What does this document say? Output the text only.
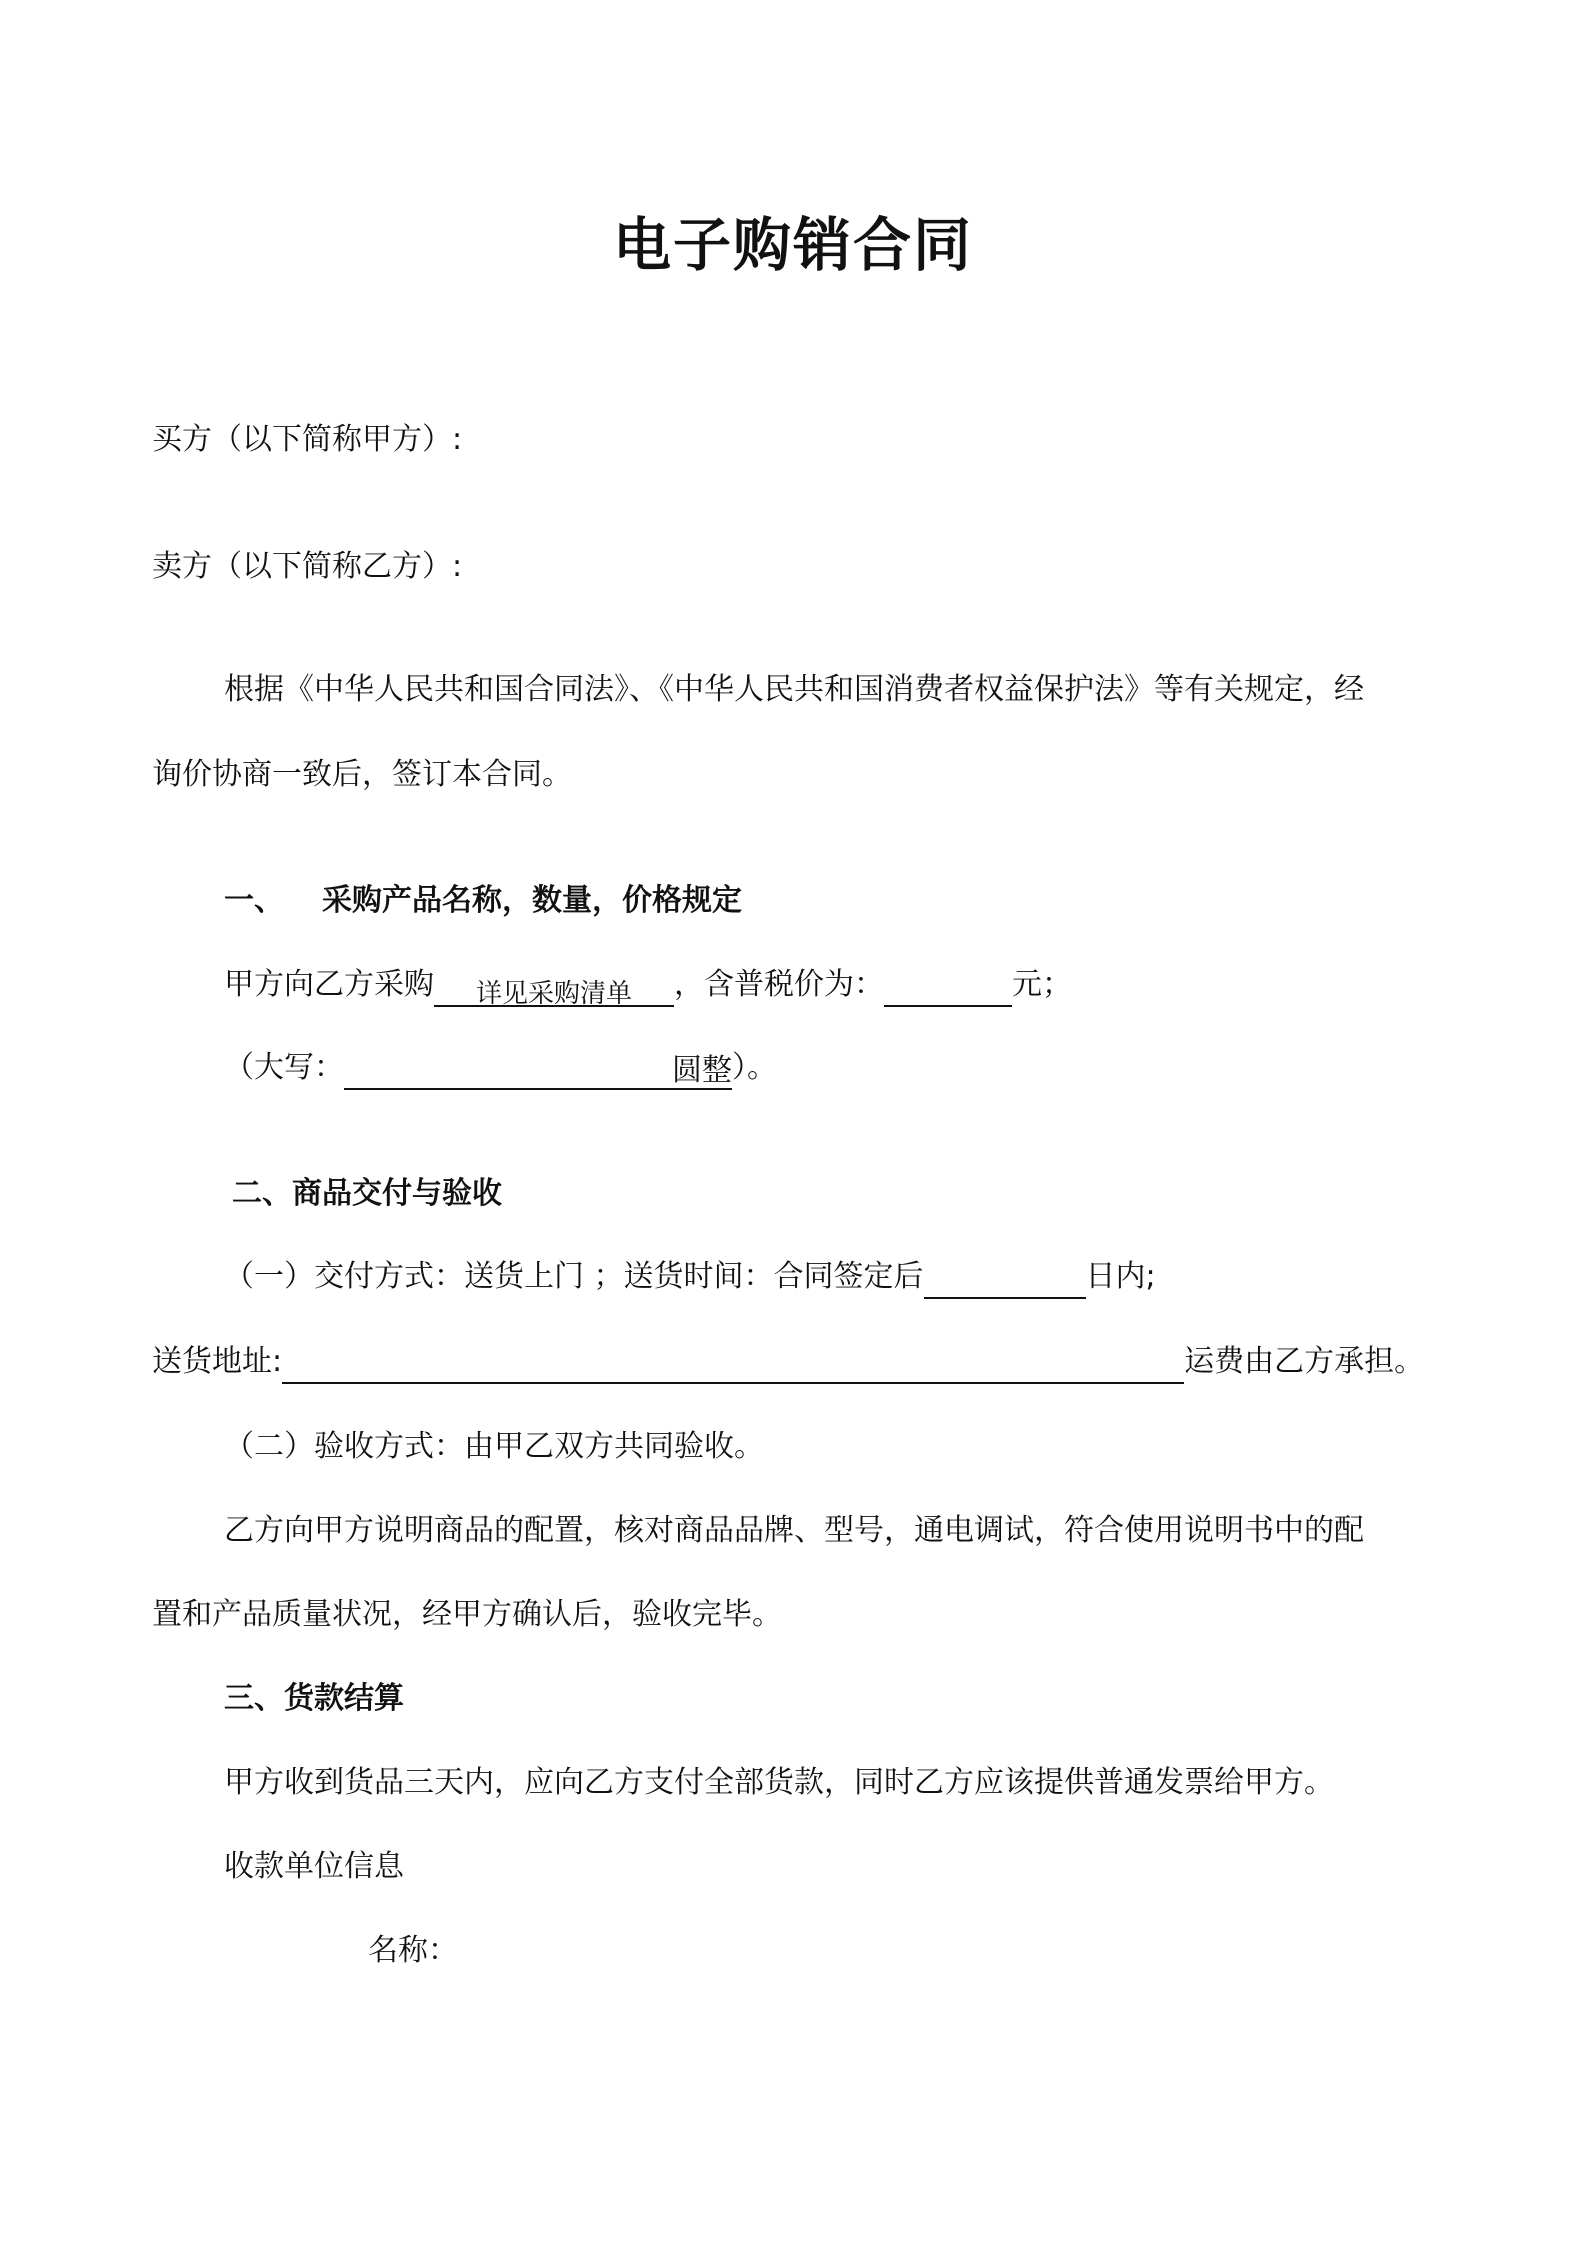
电子购销合同
买方（以下简称甲方）:
卖方（以下简称乙方）:
根据《中华人民共和国合同法》、《中华人民共和国消费者权益保护法》等有关规定，经
询价协商一致后，签订本合同。
一、 采购产品名称，数量，价格规定
甲方向乙方采购 详见采购清单 ，含普税价为：	元；
（大写：	圆整）。
二、商品交付与验收
（一）交付方式：送货上门 ；送货时间：合同签定后	日内;
送货地址:	运费由乙方承担。
（二）验收方式：由甲乙双方共同验收。
乙方向甲方说明商品的配置，核对商品品牌、型号，通电调试，符合使用说明书中的配
置和产品质量状况，经甲方确认后，验收完毕。
三、货款结算
甲方收到货品三天内，应向乙方支付全部货款，同时乙方应该提供普通发票给甲方。
收款单位信息
名称：
